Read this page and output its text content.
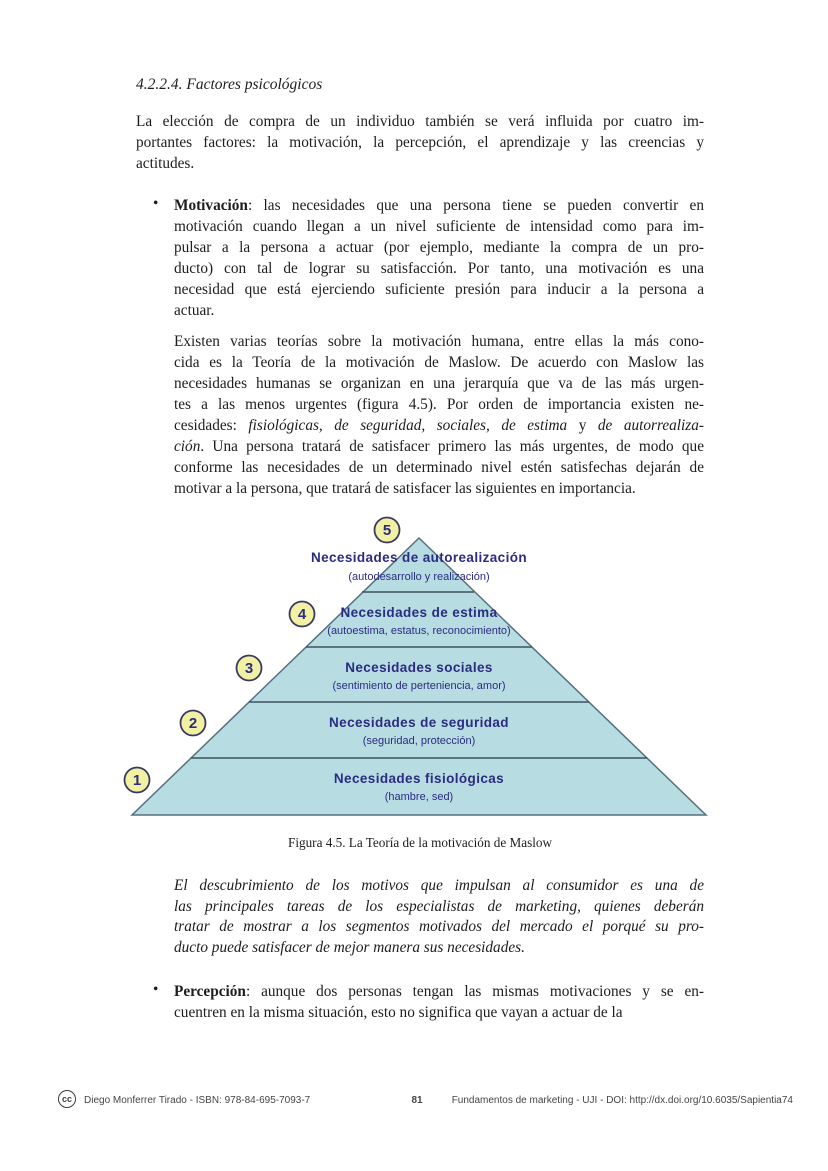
4.2.2.4. Factores psicológicos
La elección de compra de un individuo también se verá influida por cuatro im-
portantes factores: la motivación, la percepción, el aprendizaje y las creencias y
actitudes.
• Motivación: las necesidades que una persona tiene se pueden convertir en
motivación cuando llegan a un nivel suficiente de intensidad como para im-
pulsar a la persona a actuar (por ejemplo, mediante la compra de un pro-
ducto) con tal de lograr su satisfacción. Por tanto, una motivación es una
necesidad que está ejerciendo suficiente presión para inducir a la persona a
actuar.
Existen varias teorías sobre la motivación humana, entre ellas la más cono-
cida es la Teoría de la motivación de Maslow. De acuerdo con Maslow las
necesidades humanas se organizan en una jerarquía que va de las más urgen-
tes a las menos urgentes (figura 4.5). Por orden de importancia existen ne-
cesidades: fisiológicas, de seguridad, sociales, de estima y de autorrealiza-
ción. Una persona tratará de satisfacer primero las más urgentes, de modo que
conforme las necesidades de un determinado nivel estén satisfechas dejarán de
motivar a la persona, que tratará de satisfacer las siguientes en importancia.
Necesidades de autorealización
(autodesarrollo y realización)
5
Necesidades de estima
(autoestima, estatus, reconocimiento)
4
Necesidades sociales
(sentimiento de perteniencia, amor)
3
Necesidades de seguridad
(seguridad, protección)
2
Necesidades fisiológicas
(hambre, sed)
1
Figura 4.5. La Teoría de la motivación de Maslow
El descubrimiento de los motivos que impulsan al consumidor es una de
las principales tareas de los especialistas de marketing, quienes deberán
tratar de mostrar a los segmentos motivados del mercado el porqué su pro-
ducto puede satisfacer de mejor manera sus necesidades.
• Percepción: aunque dos personas tengan las mismas motivaciones y se en-
cuentren en la misma situación, esto no significa que vayan a actuar de la
cc	Diego Monferrer Tirado - ISBN: 978-84-695-7093-7	81	Fundamentos de marketing - UJI - DOI: http://dx.doi.org/10.6035/Sapientia74
